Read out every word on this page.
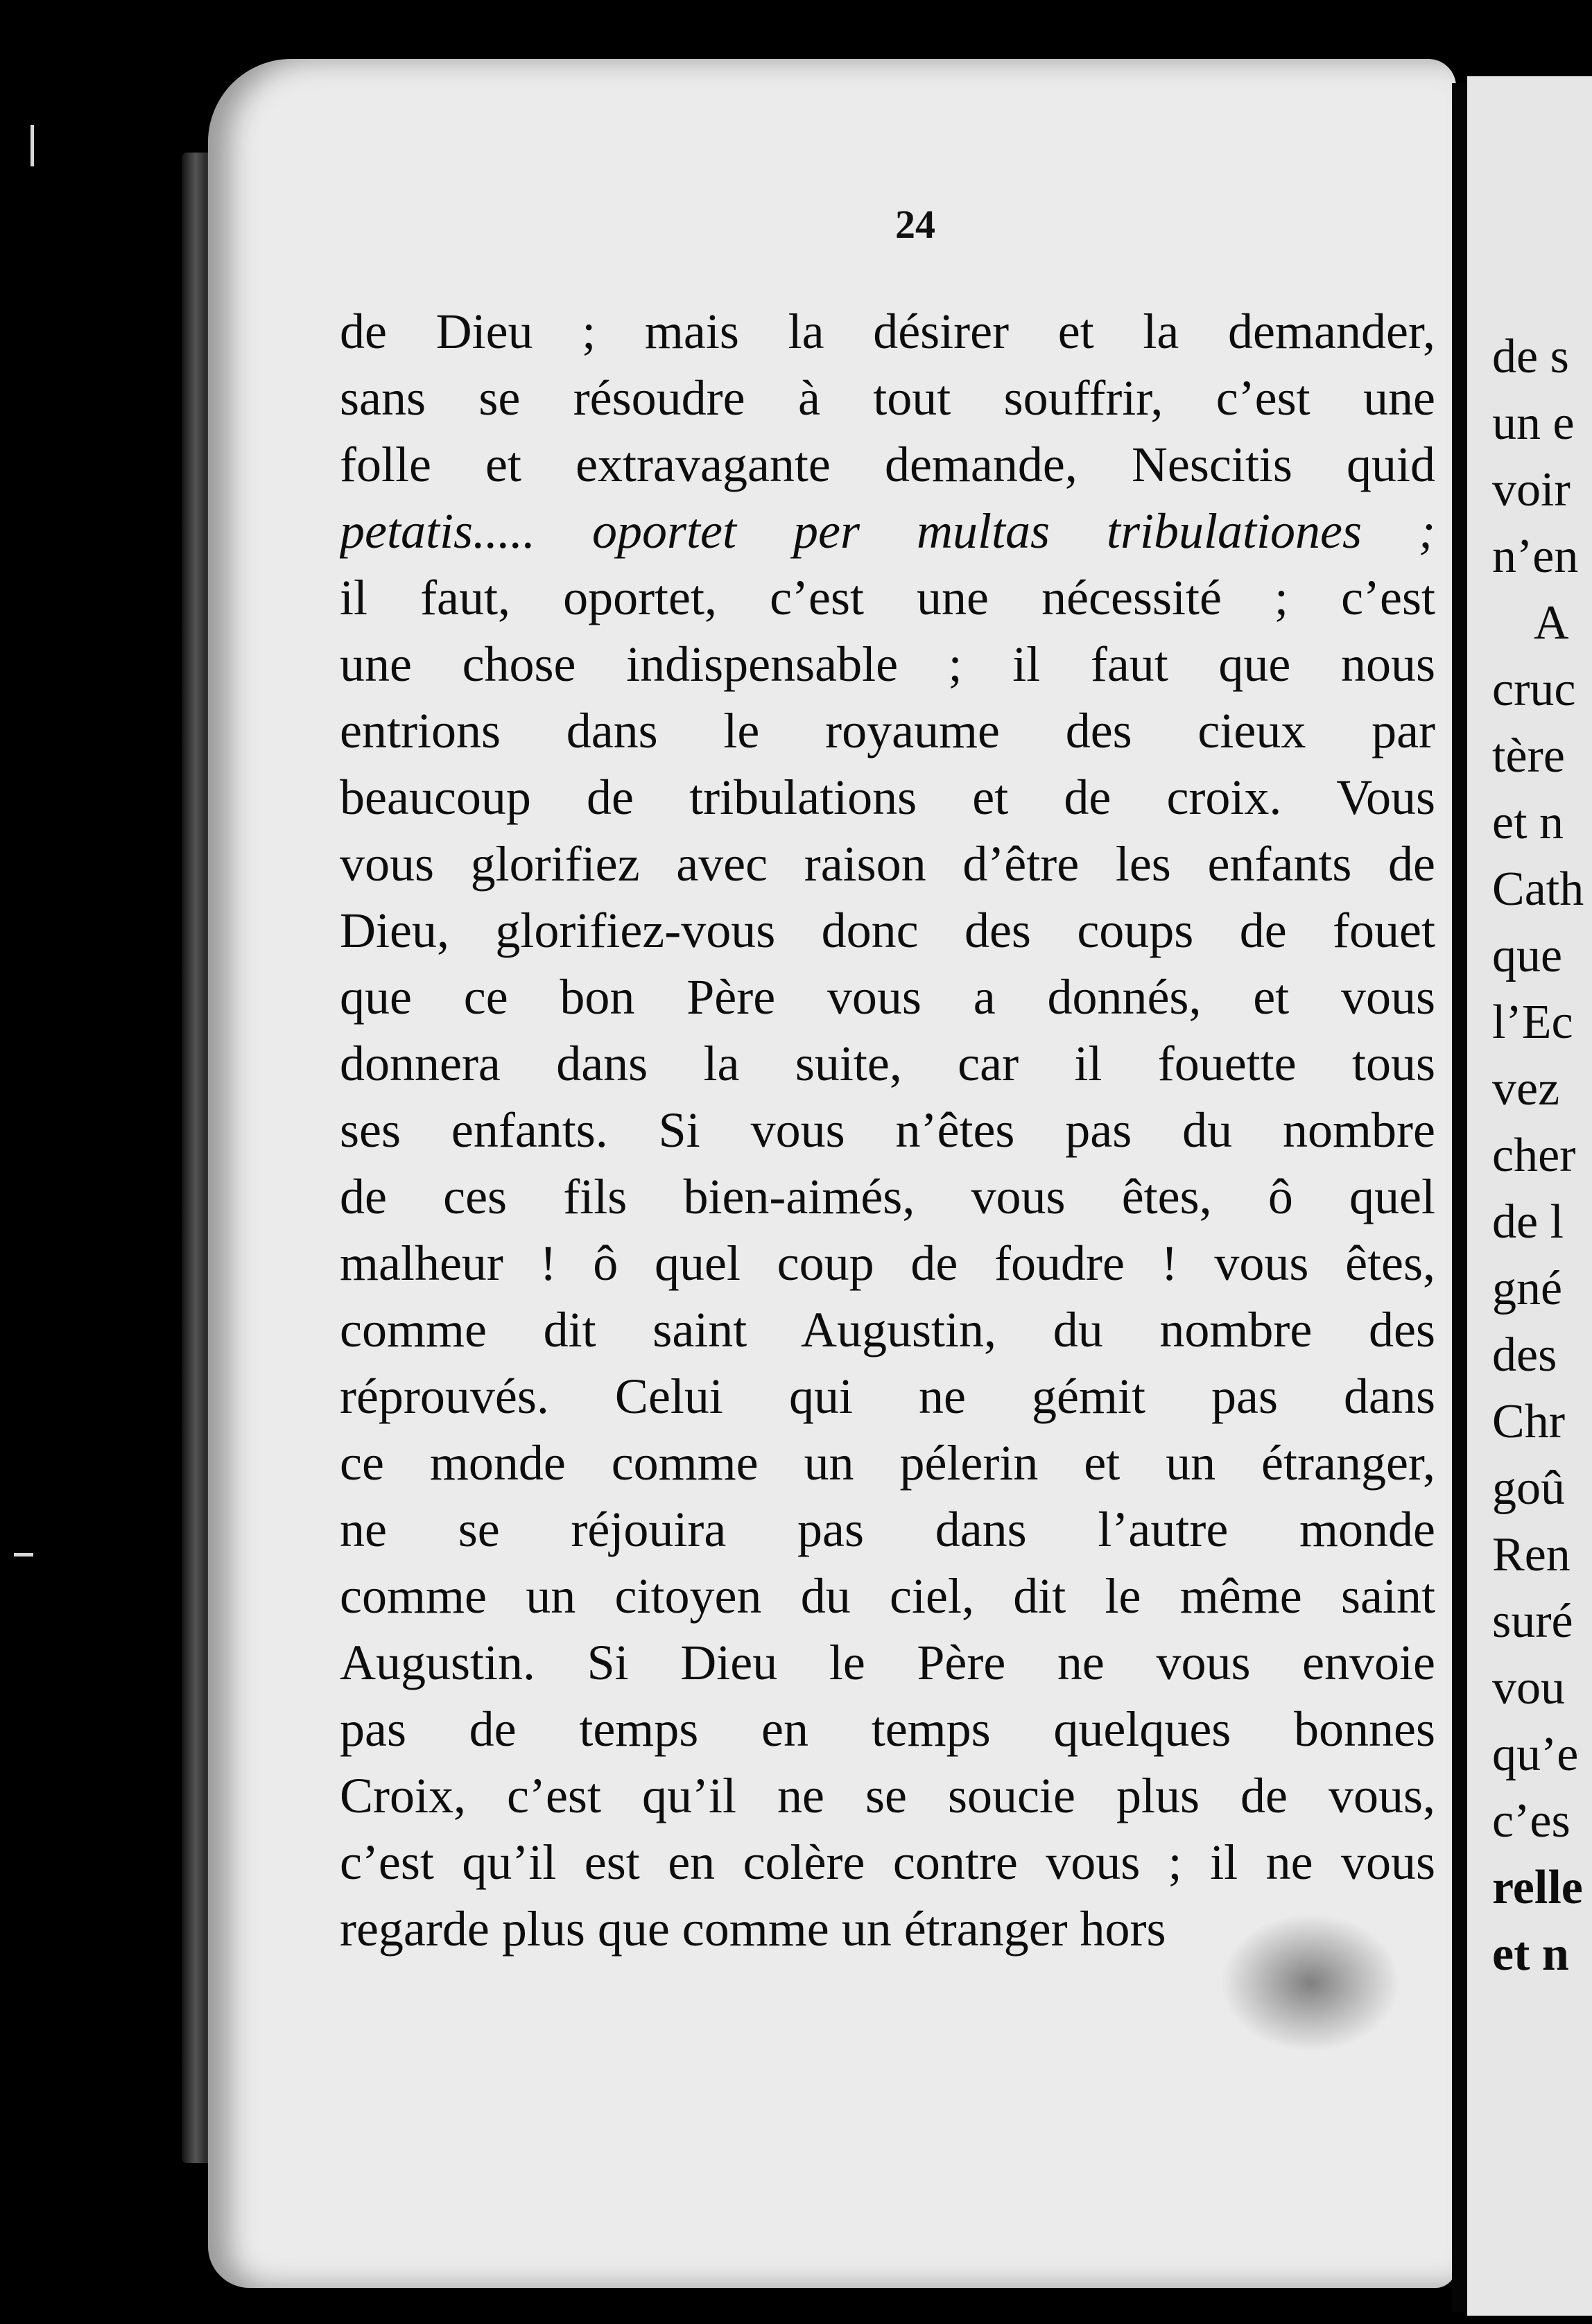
24
de Dieu ; mais la désirer et la demander,
sans se résoudre à tout souffrir, c’est une
folle et extravagante demande, Nescitis quid
petatis..... oportet per multas tribulationes ;
il faut, oportet, c’est une nécessité ; c’est
une chose indispensable ; il faut que nous
entrions dans le royaume des cieux par
beaucoup de tribulations et de croix. Vous
vous glorifiez avec raison d’être les enfants de
Dieu, glorifiez-vous donc des coups de fouet
que ce bon Père vous a donnés, et vous
donnera dans la suite, car il fouette tous
ses enfants. Si vous n’êtes pas du nombre
de ces fils bien-aimés, vous êtes, ô quel
malheur ! ô quel coup de foudre ! vous êtes,
comme dit saint Augustin, du nombre des
réprouvés. Celui qui ne gémit pas dans
ce monde comme un pélerin et un étranger,
ne se réjouira pas dans l’autre monde
comme un citoyen du ciel, dit le même saint
Augustin. Si Dieu le Père ne vous envoie
pas de temps en temps quelques bonnes
Croix, c’est qu’il ne se soucie plus de vous,
c’est qu’il est en colère contre vous ; il ne vous
regarde plus que comme un étranger hors
de s
un e
voir
n’en
A
cruc
tère
et n
Cath
que
l’Ec
vez
cher
de l
gné
des
Chr
goû
Ren
suré
vou
qu’e
c’es
relle
et n
